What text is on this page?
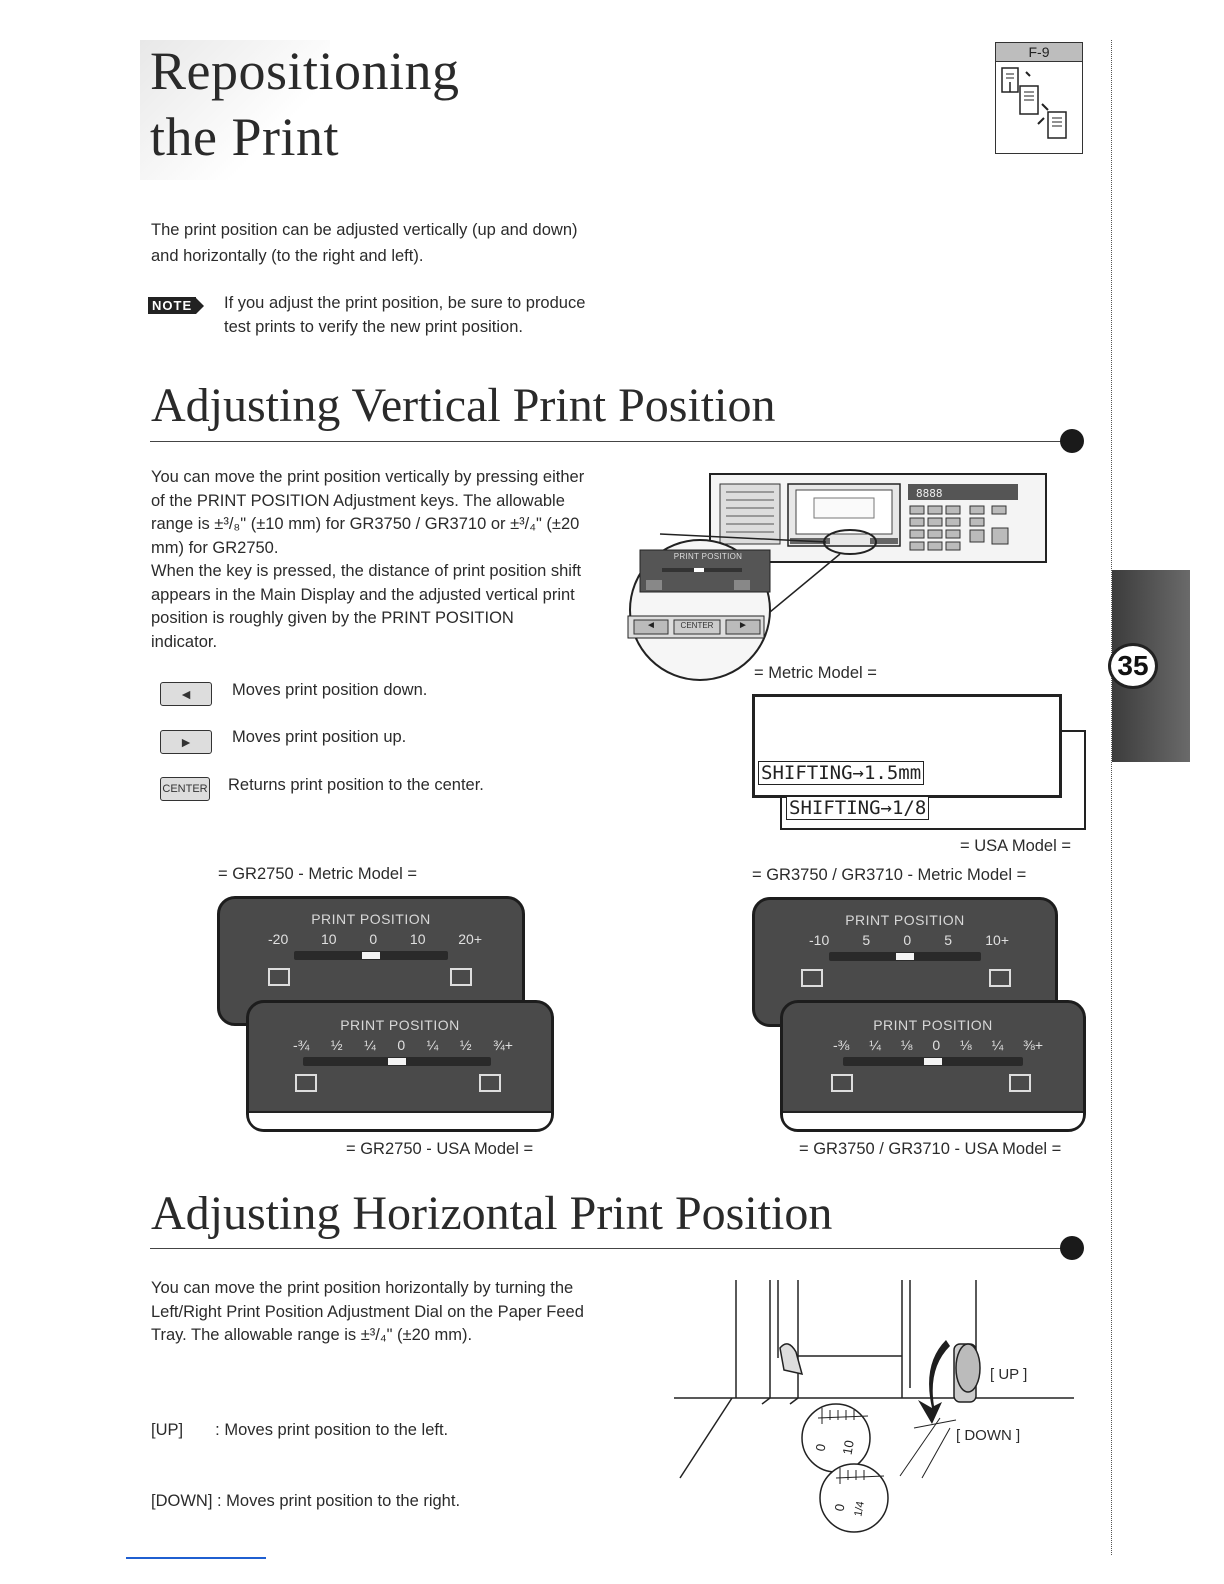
Repositioning
the Print
F-9
35
The print position can be adjusted vertically (up and down)
and horizontally (to the right and left).
NOTE If you adjust the print position, be sure to produce
test prints to verify the new print position.
Adjusting Vertical Print Position
You can move the print position vertically by pressing either
of the PRINT POSITION Adjustment keys. The allowable
range is ±³/₈" (±10 mm) for GR3750 / GR3710 or ±³/₄" (±20
mm) for GR2750.
When the key is pressed, the distance of print position shift
appears in the Main Display and the adjusted vertical print
position is roughly given by the PRINT POSITION
indicator.
◄ Moves print position down.
► Moves print position up.
CENTER Returns print position to the center.
8888
PRINT POSITION
◄	CENTER	►
= Metric Model =
SHIFTING→1.5mm
SHIFTING→1/8
= USA Model =
= GR2750 - Metric Model =	= GR3750 / GR3710 - Metric Model =
PRINT POSITION
-20 10 0 10 20+
PRINT POSITION
-¾ ½ ¼ 0 ¼ ½ ¾+
PRINT POSITION
-10 5 0 5 10+
PRINT POSITION
-⅜ ¼ ⅛ 0 ⅛ ¼ ⅜+
= GR2750 - USA Model =	= GR3750 / GR3710 - USA Model =
Adjusting Horizontal Print Position
You can move the print position horizontally by turning the
Left/Right Print Position Adjustment Dial on the Paper Feed
Tray. The allowable range is ±³/₄" (±20 mm).

[UP]       : Moves print position to the left.

[DOWN] : Moves print position to the right.

0 10
0 1/4
[ UP ]
[ DOWN ]
